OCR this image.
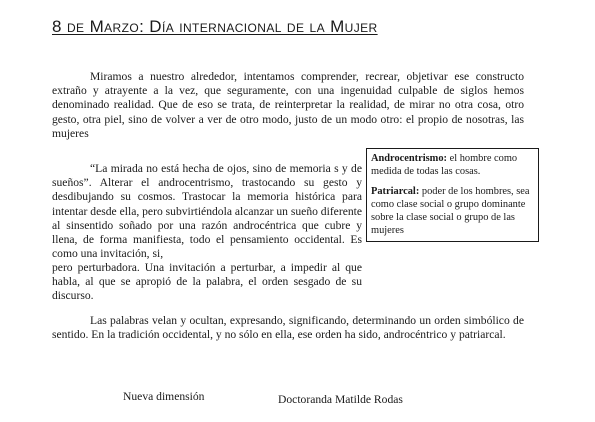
8 de Marzo: Día internacional de la Mujer

Miramos a nuestro alrededor, intentamos comprender, recrear, objetivar ese constructo extraño y atrayente a la vez, que seguramente, con una ingenuidad culpable de siglos hemos denominado realidad. Que de eso se trata, de reinterpretar la realidad, de mirar no otra cosa, otro gesto, otra piel, sino de volver a ver de otro modo, justo de un modo otro: el propio de nosotras, las mujeres

“La mirada no está hecha de ojos, sino de memoria s y de sueños”. Alterar el androcentrismo, trastocando su gesto y desdibujando su cosmos. Trastocar la memoria histórica para intentar desde ella, pero subvirtiéndola alcanzar un sueño diferente al sinsentido soñado por una razón androcéntrica que cubre y llena, de forma manifiesta, todo el pensamiento occidental. Es como una invitación, si,

Androcentrismo: el hombre como medida de todas las cosas.

Patriarcal: poder de los hombres, sea como clase social o grupo dominante sobre la clase social o grupo de las mujeres

pero perturbadora. Una invitación a perturbar, a impedir al que habla, al que se apropió de la palabra, el orden sesgado de su discurso.

Las palabras velan y ocultan, expresando, significando, determinando un orden simbólico de sentido. En la tradición occidental, y no sólo en ella, ese orden ha sido, androcéntrico y patriarcal.

Nueva dimensión	Doctoranda Matilde Rodas
